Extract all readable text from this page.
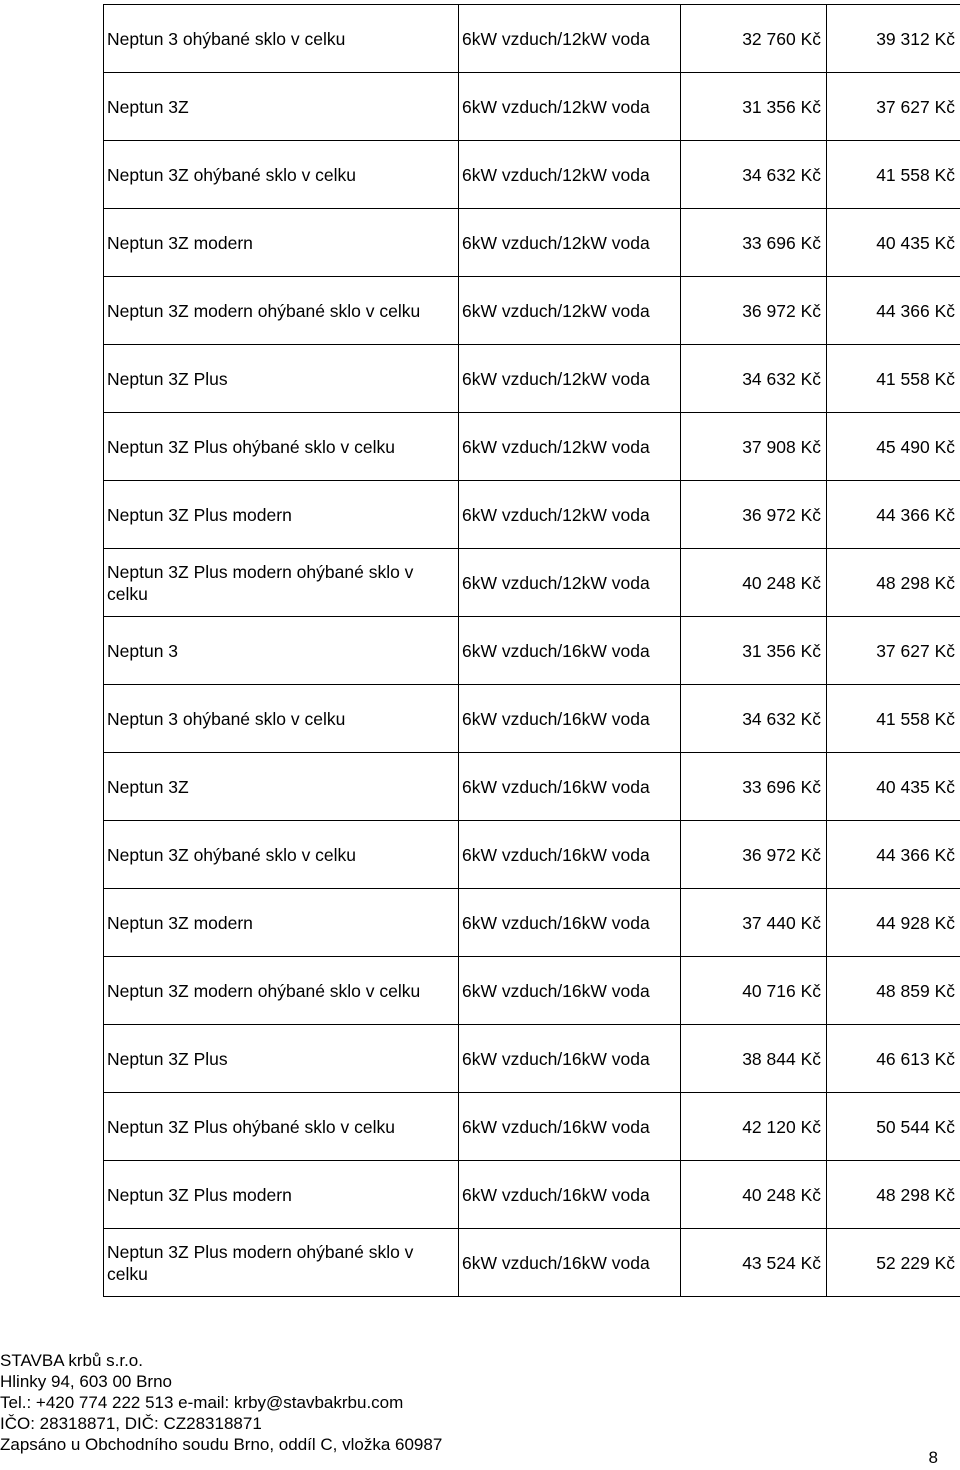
Neptun 3 ohýbané sklo v celku	6kW vzduch/12kW voda	32 760 Kč	39 312 Kč
Neptun 3Z	6kW vzduch/12kW voda	31 356 Kč	37 627 Kč
Neptun 3Z ohýbané sklo v celku	6kW vzduch/12kW voda	34 632 Kč	41 558 Kč
Neptun 3Z modern	6kW vzduch/12kW voda	33 696 Kč	40 435 Kč
Neptun 3Z modern ohýbané sklo v celku	6kW vzduch/12kW voda	36 972 Kč	44 366 Kč
Neptun 3Z Plus	6kW vzduch/12kW voda	34 632 Kč	41 558 Kč
Neptun 3Z Plus ohýbané sklo v celku	6kW vzduch/12kW voda	37 908 Kč	45 490 Kč
Neptun 3Z Plus modern	6kW vzduch/12kW voda	36 972 Kč	44 366 Kč
Neptun 3Z Plus modern ohýbané sklo v celku	6kW vzduch/12kW voda	40 248 Kč	48 298 Kč
Neptun 3	6kW vzduch/16kW voda	31 356 Kč	37 627 Kč
Neptun 3 ohýbané sklo v celku	6kW vzduch/16kW voda	34 632 Kč	41 558 Kč
Neptun 3Z	6kW vzduch/16kW voda	33 696 Kč	40 435 Kč
Neptun 3Z ohýbané sklo v celku	6kW vzduch/16kW voda	36 972 Kč	44 366 Kč
Neptun 3Z modern	6kW vzduch/16kW voda	37 440 Kč	44 928 Kč
Neptun 3Z modern ohýbané sklo v celku	6kW vzduch/16kW voda	40 716 Kč	48 859 Kč
Neptun 3Z Plus	6kW vzduch/16kW voda	38 844 Kč	46 613 Kč
Neptun 3Z Plus ohýbané sklo v celku	6kW vzduch/16kW voda	42 120 Kč	50 544 Kč
Neptun 3Z Plus modern	6kW vzduch/16kW voda	40 248 Kč	48 298 Kč
Neptun 3Z Plus modern ohýbané sklo v celku	6kW vzduch/16kW voda	43 524 Kč	52 229 Kč
STAVBA krbů s.r.o.
Hlinky 94, 603 00 Brno
Tel.: +420 774 222 513 e-mail: krby@stavbakrbu.com
IČO: 28318871, DIČ: CZ28318871
Zapsáno u Obchodního soudu Brno, oddíl C, vložka 60987
8
